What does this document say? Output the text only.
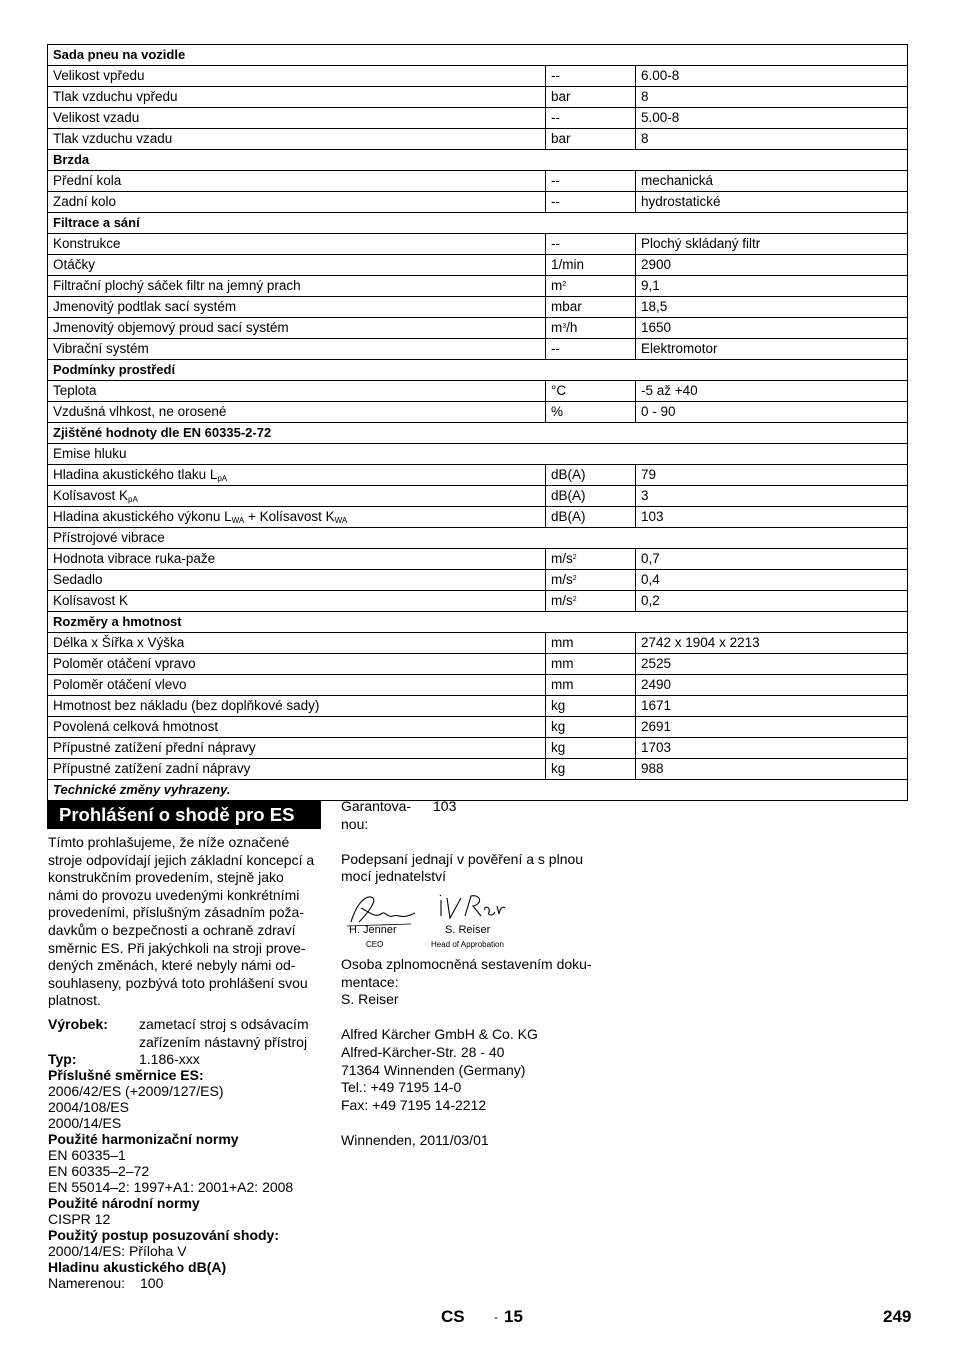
Sada pneu na vozidle		
Velikost vpředu	--	6.00-8
Tlak vzduchu vpředu	bar	8
Velikost vzadu	--	5.00-8
Tlak vzduchu vzadu	bar	8
Brzda		
Přední kola	--	mechanická
Zadní kolo	--	hydrostatické
Filtrace a sání		
Konstrukce	--	Plochý skládaný filtr
Otáčky	1/min	2900
Filtrační plochý sáček filtr na jemný prach	$m^2$	9,1
Jmenovitý podtlak sací systém	mbar	18,5
Jmenovitý objemový proud sací systém	$m^3/h$	1650
Vibrační systém	--	Elektromotor
Podmínky prostředí		
Teplota	°C	-5 až +40
Vzdušná vlhkost, ne orosené	%	0 - 90
Zjištěné hodnoty dle EN 60335-2-72		
Emise hluku		
Hladina akustického tlaku $L_{pA}$	dB(A)	79
Kolísavost $K_{pA}$	dB(A)	3
Hladina akustického výkonu $L_{WA}$ + Kolísavost $K_{WA}$	dB(A)	103
Přístrojové vibrace		
Hodnota vibrace ruka-paže	$m/s^2$	0,7
Sedadlo	$m/s^2$	0,4
Kolísavost K	$m/s^2$	0,2
Rozměry a hmotnost		
Délka x Šířka x Výška	mm	2742 x 1904 x 2213
Poloměr otáčení vpravo	mm	2525
Poloměr otáčení vlevo	mm	2490
Hmotnost bez nákladu (bez doplňkové sady)	kg	1671
Povolená celková hmotnost	kg	2691
Přípustné zatížení přední nápravy	kg	1703
Přípustné zatížení zadní nápravy	kg	988
Technické změny vyhrazeny.		
Prohlášení o shodě pro ES

Tímto prohlašujeme, že níže označené
stroje odpovídají jejich základní koncepcí a
konstrukčním provedením, stejně jako
námi do provozu uvedenými konkrétními
provedeními, příslušným zásadním poža-
davkům o bezpečnosti a ochraně zdraví
směrnic ES. Při jakýchkoli na stroji prove-
dených změnách, které nebyly námi od-
souhlaseny, pozbývá toto prohlášení svou
platnost.

Výrobek:	zametací stroj s odsávacím
zařízením nástavný přístroj
Typ:	1.186-xxx

Příslušné směrnice ES:

2006/42/ES (+2009/127/ES)

2004/108/ES

2000/14/ES

Použité harmonizační normy

EN 60335–1

EN 60335–2–72

EN 55014–2: 1997+A1: 2001+A2: 2008

Použité národní normy

CISPR 12

Použitý postup posuzování shody:

2000/14/ES: Příloha V

Hladinu akustického dB(A)

Namerenou:	100
Garantova-
nou:
103

Podepsaní jednají v pověření a s plnou
mocí jednatelství

H. Jenner
CEO
S. Reiser
Head of Approbation

Osoba zplnomocněná sestavením doku-
mentace:
S. Reiser

Alfred Kärcher GmbH & Co. KG
Alfred-Kärcher-Str. 28 - 40
71364 Winnenden (Germany)
Tel.: +49 7195 14-0
Fax: +49 7195 14-2212

Winnenden, 2011/03/01

CS - 15	249
